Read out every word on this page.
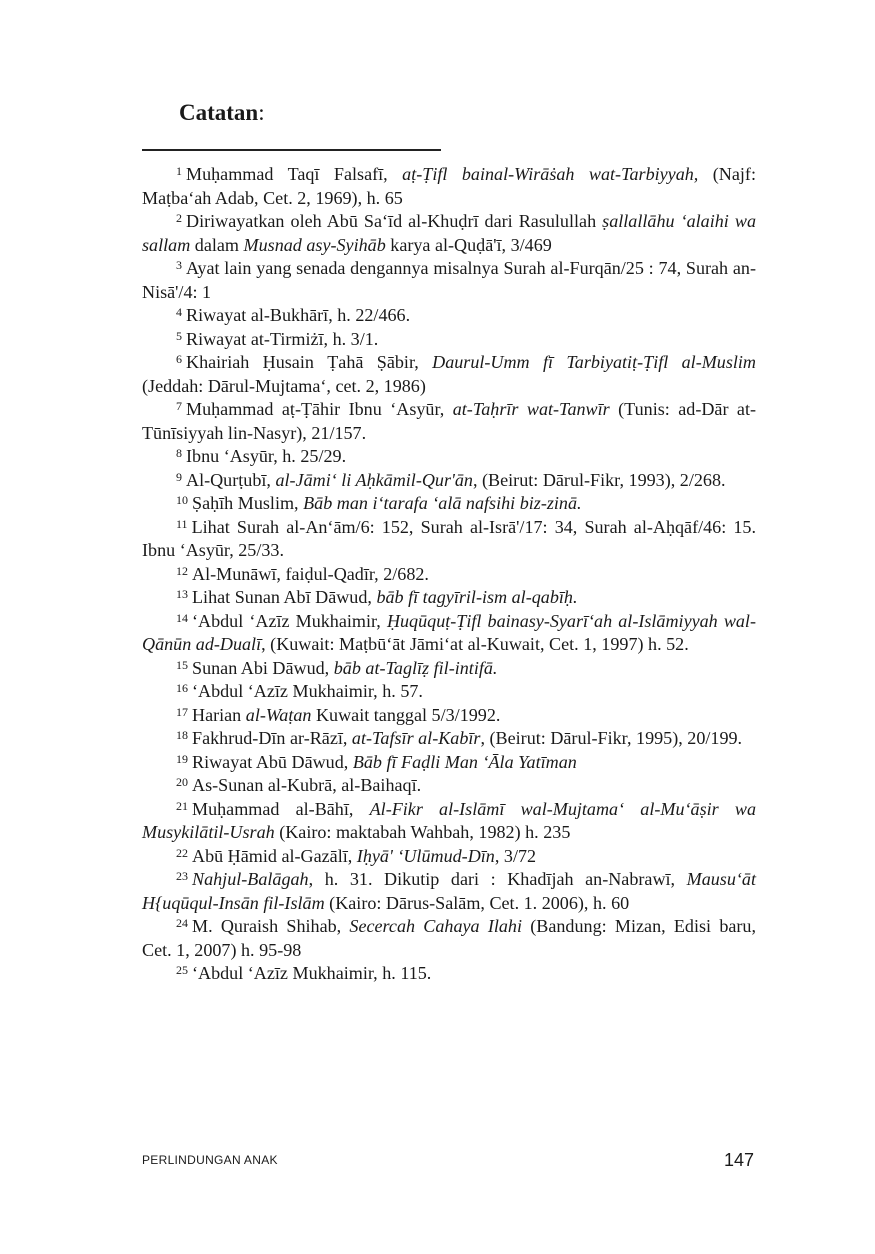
Catatan:

$^1$ Muḥammad Taqī Falsafī, aṭ-Ṭifl bainal-Wirāṡah wat-Tarbiyyah, (Najf: Maṭba‘ah Adab, Cet. 2, 1969), h. 65

$^2$ Diriwayatkan oleh Abū Sa‘īd al-Khuḍrī dari Rasulullah ṣallallāhu ‘alaihi wa sallam dalam Musnad asy-Syihāb karya al-Quḍā'ī, 3/469

$^3$ Ayat lain yang senada dengannya misalnya Surah al-Furqān/25 : 74, Surah an-Nisā'/4: 1

$^4$ Riwayat al-Bukhārī, h. 22/466.

$^5$ Riwayat at-Tirmiżī, h. 3/1.

$^6$ Khairiah Ḥusain Ṭahā Ṣābir, Daurul-Umm fī Tarbiyatiṭ-Ṭifl al-Muslim (Jeddah: Dārul-Mujtama‘, cet. 2, 1986)

$^7$ Muḥammad aṭ-Ṭāhir Ibnu ‘Asyūr, at-Taḥrīr wat-Tanwīr (Tunis: ad-Dār at-Tūnīsiyyah lin-Nasyr), 21/157.

$^8$ Ibnu ‘Asyūr, h. 25/29.

$^9$ Al-Qurṭubī, al-Jāmi‘ li Aḥkāmil-Qur'ān, (Beirut: Dārul-Fikr, 1993), 2/268.

$^{10}$ Ṣaḥīh Muslim, Bāb man i‘tarafa ‘alā nafsihi biz-zinā.

$^{11}$ Lihat Surah al-An‘ām/6: 152, Surah al-Isrā'/17: 34, Surah al-Aḥqāf/46: 15. Ibnu ‘Asyūr, 25/33.

$^{12}$ Al-Munāwī, faiḍul-Qadīr, 2/682.

$^{13}$ Lihat Sunan Abī Dāwud, bāb fī tagyīril-ism al-qabīḥ.

$^{14}$ ‘Abdul ‘Azīz Mukhaimir, Ḥuqūquṭ-Ṭifl bainasy-Syarī‘ah al-Islāmiyyah wal-Qānūn ad-Dualī, (Kuwait: Maṭbū‘āt Jāmi‘at al-Kuwait, Cet. 1, 1997) h. 52.

$^{15}$ Sunan Abi Dāwud, bāb at-Taglīẓ fil-intifā.

$^{16}$ ‘Abdul ‘Azīz Mukhaimir, h. 57.

$^{17}$ Harian al-Waṭan Kuwait tanggal 5/3/1992.

$^{18}$ Fakhrud-Dīn ar-Rāzī, at-Tafsīr al-Kabīr, (Beirut: Dārul-Fikr, 1995), 20/199.

$^{19}$ Riwayat Abū Dāwud, Bāb fī Faḍli Man ‘Āla Yatīman

$^{20}$ As-Sunan al-Kubrā, al-Baihaqī.

$^{21}$ Muḥammad al-Bāhī, Al-Fikr al-Islāmī wal-Mujtama‘ al-Mu‘āṣir wa Musykilātil-Usrah (Kairo: maktabah Wahbah, 1982) h. 235

$^{22}$ Abū Ḥāmid al-Gazālī, Iḥyā' ‘Ulūmud-Dīn, 3/72

$^{23}$ Nahjul-Balāgah, h. 31. Dikutip dari : Khadījah an-Nabrawī, Mausu‘āt H{uqūqul-Insān fil-Islām (Kairo: Dārus-Salām, Cet. 1. 2006), h. 60

$^{24}$ M. Quraish Shihab, Secercah Cahaya Ilahi (Bandung: Mizan, Edisi baru, Cet. 1, 2007) h. 95-98

$^{25}$ ‘Abdul ‘Azīz Mukhaimir, h. 115.

PERLINDUNGAN ANAK	147
